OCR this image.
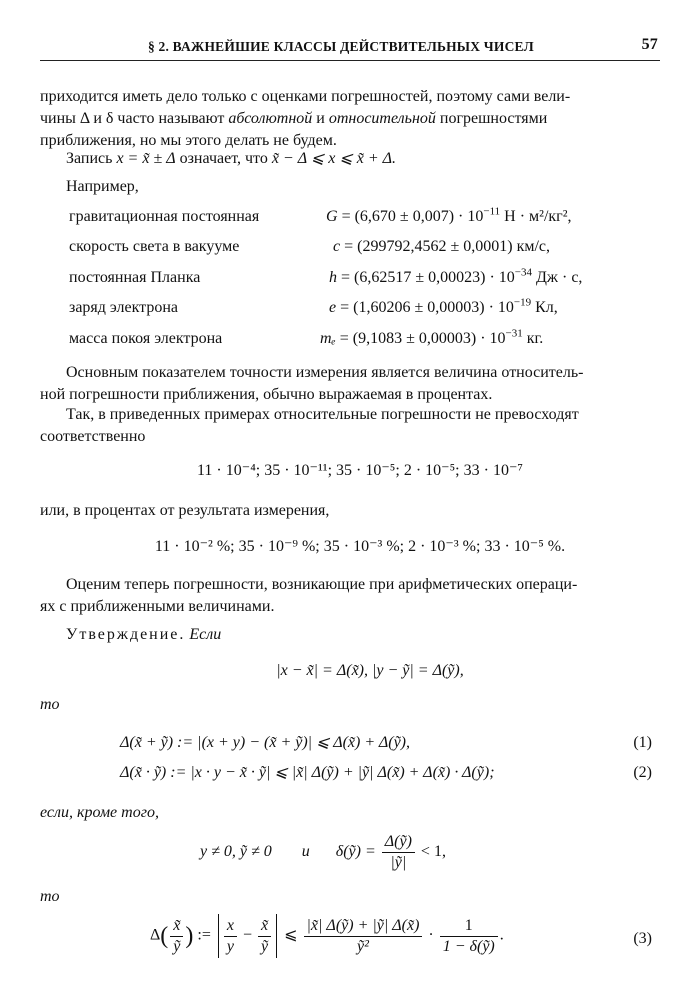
§ 2. ВАЖНЕЙШИЕ КЛАССЫ ДЕЙСТВИТЕЛЬНЫХ ЧИСЕЛ	57
приходится иметь дело только с оценками погрешностей, поэтому сами вели-
чины Δ и δ часто называют абсолютной и относительной погрешностями
приближения, но мы этого делать не будем.
Запись x = x̃ ± Δ означает, что x̃ − Δ ⩽ x ⩽ x̃ + Δ.
Например,
гравитационная постоянная	$G = (6,670 \pm 0,007) \cdot 10^{-11}$ Н · м²/кг²,
скорость света в вакууме	c = (299792,4562 ± 0,0001) км/с,
постоянная Планка	$h = (6,62517 \pm 0,00023) \cdot 10^{-34}$ Дж · с,
заряд электрона	$e = (1,60206 \pm 0,00003) \cdot 10^{-19}$ Кл,
масса покоя электрона	$m_e = (9,1083 \pm 0,00003) \cdot 10^{-31}$ кг.
Основным показателем точности измерения является величина относитель-
ной погрешности приближения, обычно выражаемая в процентах.
Так, в приведенных примерах относительные погрешности не превосходят
соответственно
11 · 10⁻⁴; 35 · 10⁻¹¹; 35 · 10⁻⁵; 2 · 10⁻⁵; 33 · 10⁻⁷
или, в процентах от результата измерения,
11 · 10⁻² %; 35 · 10⁻⁹ %; 35 · 10⁻³ %; 2 · 10⁻³ %; 33 · 10⁻⁵ %.
Оценим теперь погрешности, возникающие при арифметических операци-
ях с приближенными величинами.
Утверждение. Если
|x − x̃| = Δ(x̃), |y − ỹ| = Δ(ỹ),
то
Δ(x̃ + ỹ) := |(x + y) − (x̃ + ỹ)| ⩽ Δ(x̃) + Δ(ỹ),	(1)
Δ(x̃ · ỹ) := |x · y − x̃ · ỹ| ⩽ |x̃| Δ(ỹ) + |ỹ| Δ(x̃) + Δ(x̃) · Δ(ỹ);	(2)
если, кроме того,
y ≠ 0, ỹ ≠ 0 и δ(ỹ) = $\frac{\text{Δ(ỹ)}}{\text{|ỹ|}} < 1$,
то
$\Delta( \frac{x̃}{\text{ỹ}}$ ) := $\frac{x}{y} - \frac{x̃}{\text{ỹ}}$ ⩽ $\frac{\text{|x̃| Δ(ỹ) + |ỹ| Δ(x̃)}}{\text{ỹ²}} \cdot \frac{1}{\text{1 − δ(ỹ)}}$ .	(3)
